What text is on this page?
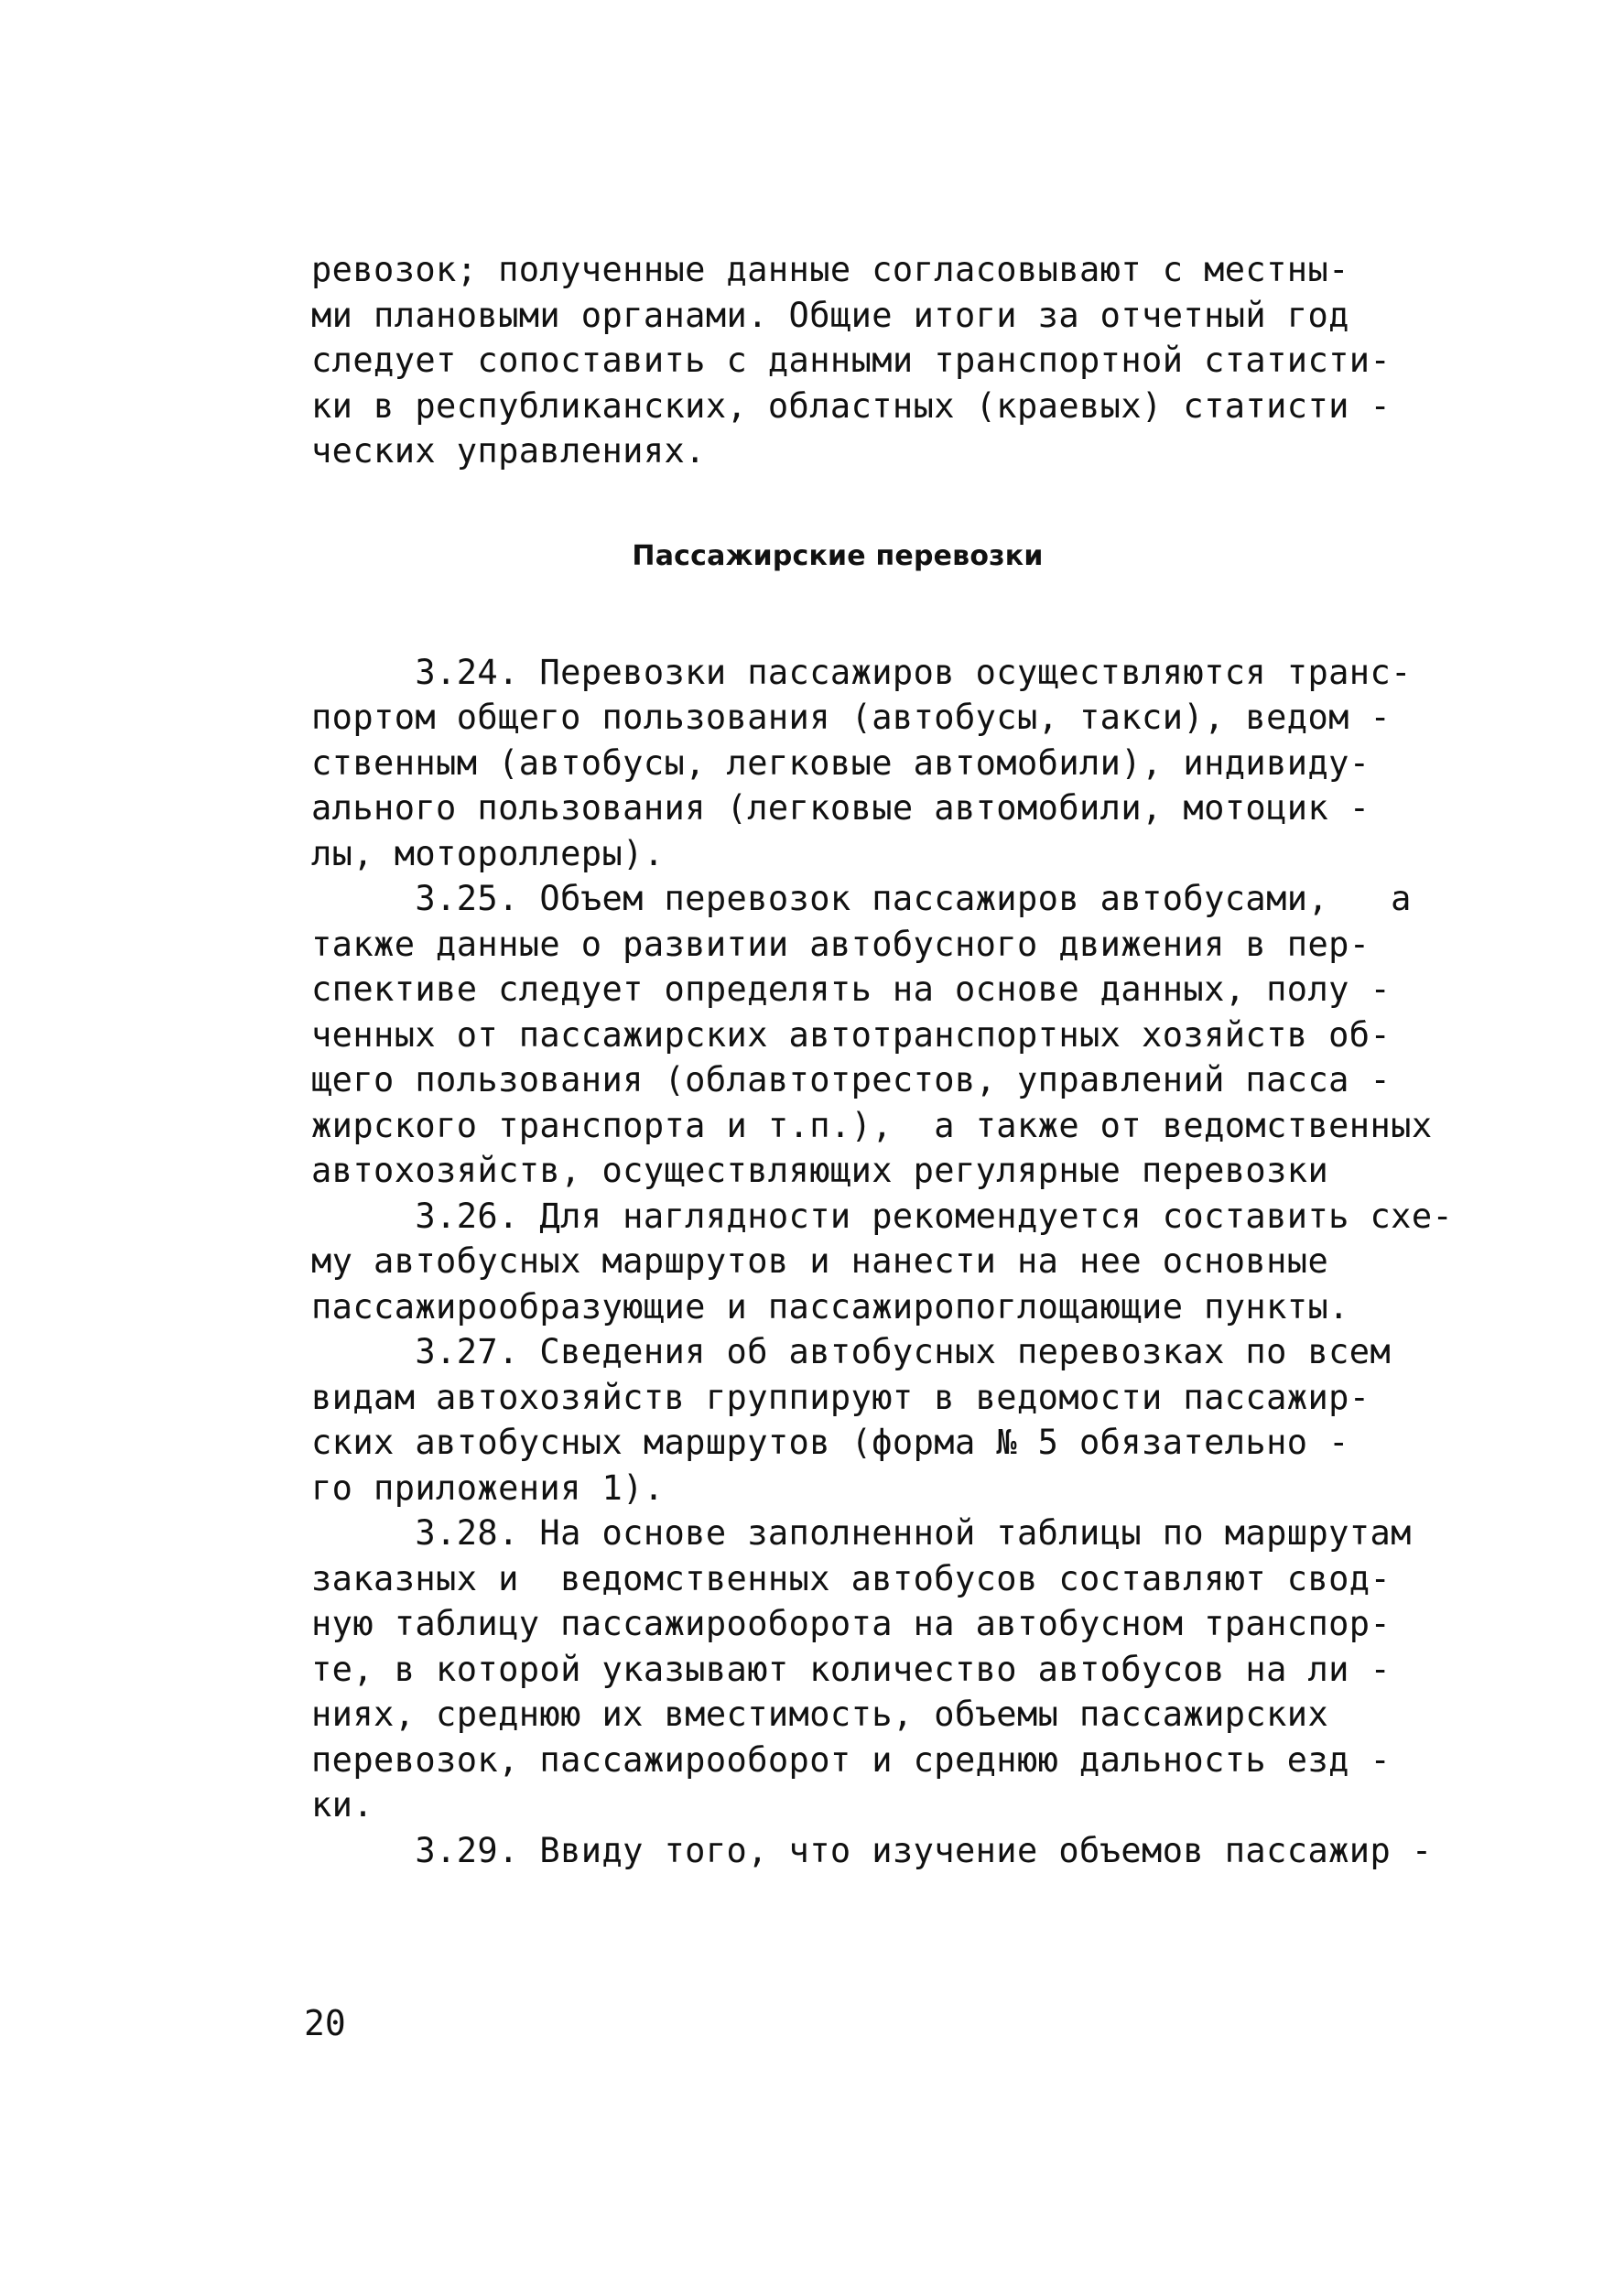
ревозок; полученные данные согласовывают с местны-
ми плановыми органами. Общие итоги за отчетный год
следует сопоставить с данными транспортной статисти-
ки в республиканских, областных (краевых) статисти -
ческих управлениях.
Пассажирские перевозки
3.24. Перевозки пассажиров осуществляются транс-
портом общего пользования (автобусы, такси), ведом -
ственным (автобусы, легковые автомобили), индивиду-
ального пользования (легковые автомобили, мотоцик -
лы, мотороллеры).
3.25. Объем перевозок пассажиров автобусами,   а
также данные о развитии автобусного движения в пер-
спективе следует определять на основе данных, полу -
ченных от пассажирских автотранспортных хозяйств об-
щего пользования (облавтотрестов, управлений пасса -
жирского транспорта и т.п.),  а также от ведомственных
автохозяйств, осуществляющих регулярные перевозки
3.26. Для наглядности рекомендуется составить схе-
му автобусных маршрутов и нанести на нее основные
пассажирообразующие и пассажиропоглощающие пункты.
3.27. Сведения об автобусных перевозках по всем
видам автохозяйств группируют в ведомости пассажир-
ских автобусных маршрутов (форма № 5 обязательно -
го приложения 1).
3.28. На основе заполненной таблицы по маршрутам
заказных и  ведомственных автобусов составляют свод-
ную таблицу пассажирооборота на автобусном транспор-
те, в которой указывают количество автобусов на ли -
ниях, среднюю их вместимость, объемы пассажирских
перевозок, пассажирооборот и среднюю дальность езд -
ки.
3.29. Ввиду того, что изучение объемов пассажир -
20
